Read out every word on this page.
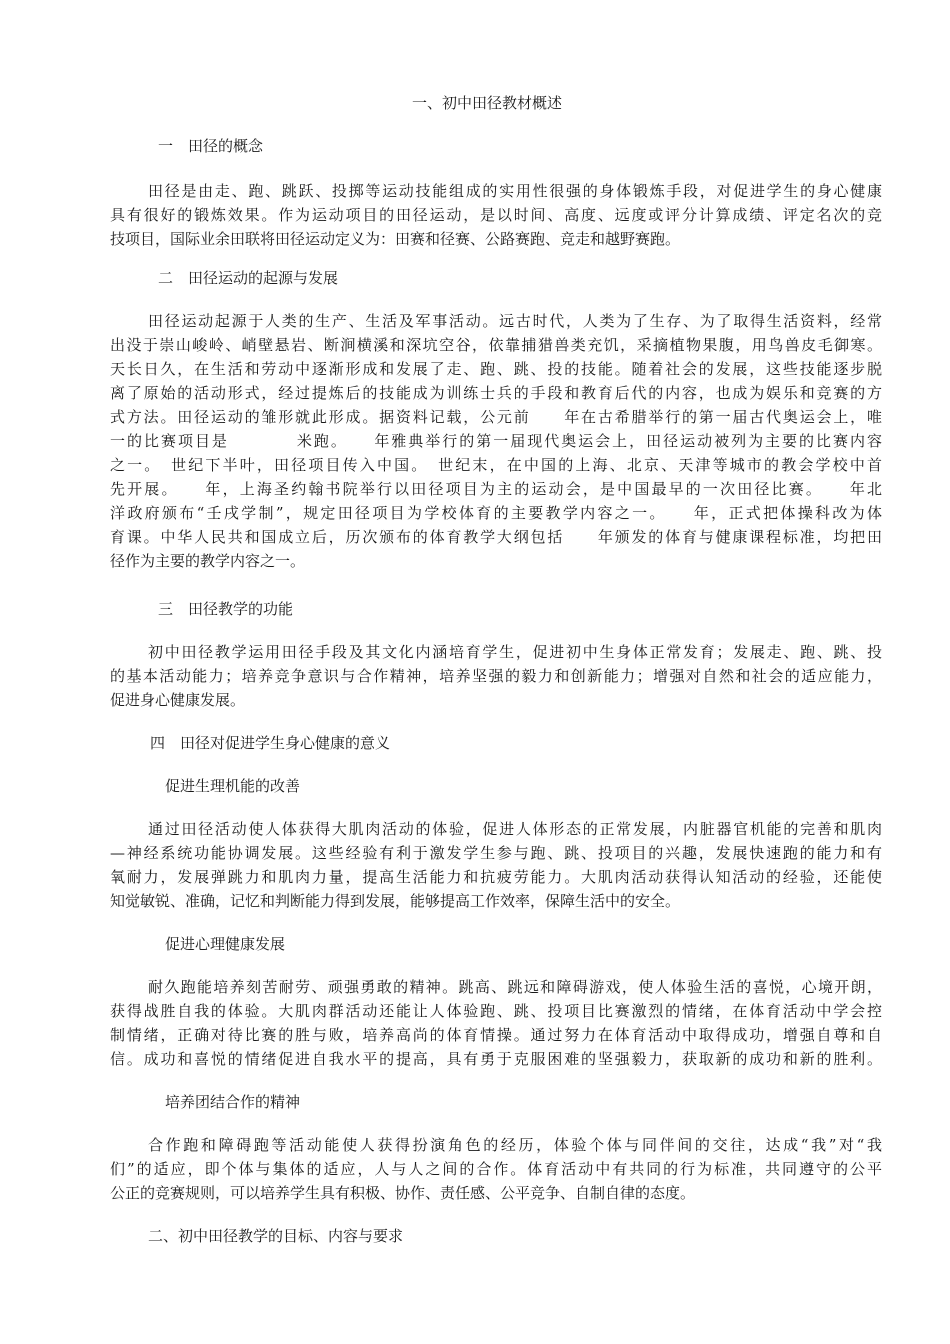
一、初中田径教材概述
一　田径的概念
田径是由走、跑、跳跃、投掷等运动技能组成的实用性很强的身体锻炼手段，对促进学生的身心健康
具有很好的锻炼效果。作为运动项目的田径运动，是以时间、高度、远度或评分计算成绩、评定名次的竞
技项目，国际业余田联将田径运动定义为：田赛和径赛、公路赛跑、竞走和越野赛跑。
二　田径运动的起源与发展
田径运动起源于人类的生产、生活及军事活动。远古时代，人类为了生存、为了取得生活资料，经常
出没于崇山峻岭、峭壁悬岩、断涧横溪和深坑空谷，依靠捕猎兽类充饥，采摘植物果腹，用鸟兽皮毛御寒。
天长日久，在生活和劳动中逐渐形成和发展了走、跑、跳、投的技能。随着社会的发展，这些技能逐步脱
离了原始的活动形式，经过提炼后的技能成为训练士兵的手段和教育后代的内容，也成为娱乐和竞赛的方
式方法。田径运动的雏形就此形成。据资料记载，公元前　　年在古希腊举行的第一届古代奥运会上，唯
一的比赛项目是　　　　米跑。　　年雅典举行的第一届现代奥运会上，田径运动被列为主要的比赛内容
之一。　世纪下半叶，田径项目传入中国。　世纪末，在中国的上海、北京、天津等城市的教会学校中首
先开展。　　年，上海圣约翰书院举行以田径项目为主的运动会，是中国最早的一次田径比赛。　　年北
洋政府颁布“壬戌学制”，规定田径项目为学校体育的主要教学内容之一。　　年，正式把体操科改为体
育课。中华人民共和国成立后，历次颁布的体育教学大纲包括　　年颁发的体育与健康课程标准，均把田
径作为主要的教学内容之一。
三　田径教学的功能
初中田径教学运用田径手段及其文化内涵培育学生，促进初中生身体正常发育；发展走、跑、跳、投
的基本活动能力；培养竞争意识与合作精神，培养坚强的毅力和创新能力；增强对自然和社会的适应能力，
促进身心健康发展。
四　田径对促进学生身心健康的意义
促进生理机能的改善
通过田径活动使人体获得大肌肉活动的体验，促进人体形态的正常发展，内脏器官机能的完善和肌肉
—神经系统功能协调发展。这些经验有利于激发学生参与跑、跳、投项目的兴趣，发展快速跑的能力和有
氧耐力，发展弹跳力和肌肉力量，提高生活能力和抗疲劳能力。大肌肉活动获得认知活动的经验，还能使
知觉敏锐、准确，记忆和判断能力得到发展，能够提高工作效率，保障生活中的安全。
促进心理健康发展
耐久跑能培养刻苦耐劳、顽强勇敢的精神。跳高、跳远和障碍游戏，使人体验生活的喜悦，心境开朗，
获得战胜自我的体验。大肌肉群活动还能让人体验跑、跳、投项目比赛激烈的情绪，在体育活动中学会控
制情绪，正确对待比赛的胜与败，培养高尚的体育情操。通过努力在体育活动中取得成功，增强自尊和自
信。成功和喜悦的情绪促进自我水平的提高，具有勇于克服困难的坚强毅力，获取新的成功和新的胜利。
培养团结合作的精神
合作跑和障碍跑等活动能使人获得扮演角色的经历，体验个体与同伴间的交往，达成“我”对“我
们”的适应，即个体与集体的适应，人与人之间的合作。体育活动中有共同的行为标准，共同遵守的公平
公正的竞赛规则，可以培养学生具有积极、协作、责任感、公平竞争、自制自律的态度。
二、初中田径教学的目标、内容与要求
